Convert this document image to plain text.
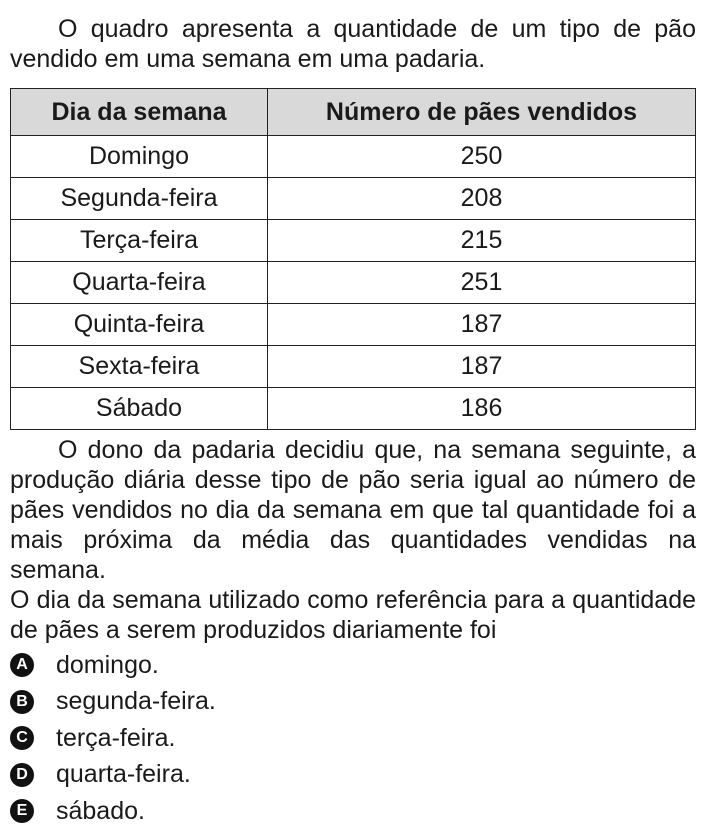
O quadro apresenta a quantidade de um tipo de pão vendido em uma semana em uma padaria.

Dia da semana	Número de pães vendidos
Domingo	250
Segunda-feira	208
Terça-feira	215
Quarta-feira	251
Quinta-feira	187
Sexta-feira	187
Sábado	186

O dono da padaria decidiu que, na semana seguinte, a produção diária desse tipo de pão seria igual ao número de pães vendidos no dia da semana em que tal quantidade foi a mais próxima da média das quantidades vendidas na semana.

O dia da semana utilizado como referência para a quantidade de pães a serem produzidos diariamente foi

A domingo.
B segunda-feira.
C terça-feira.
D quarta-feira.
E sábado.
